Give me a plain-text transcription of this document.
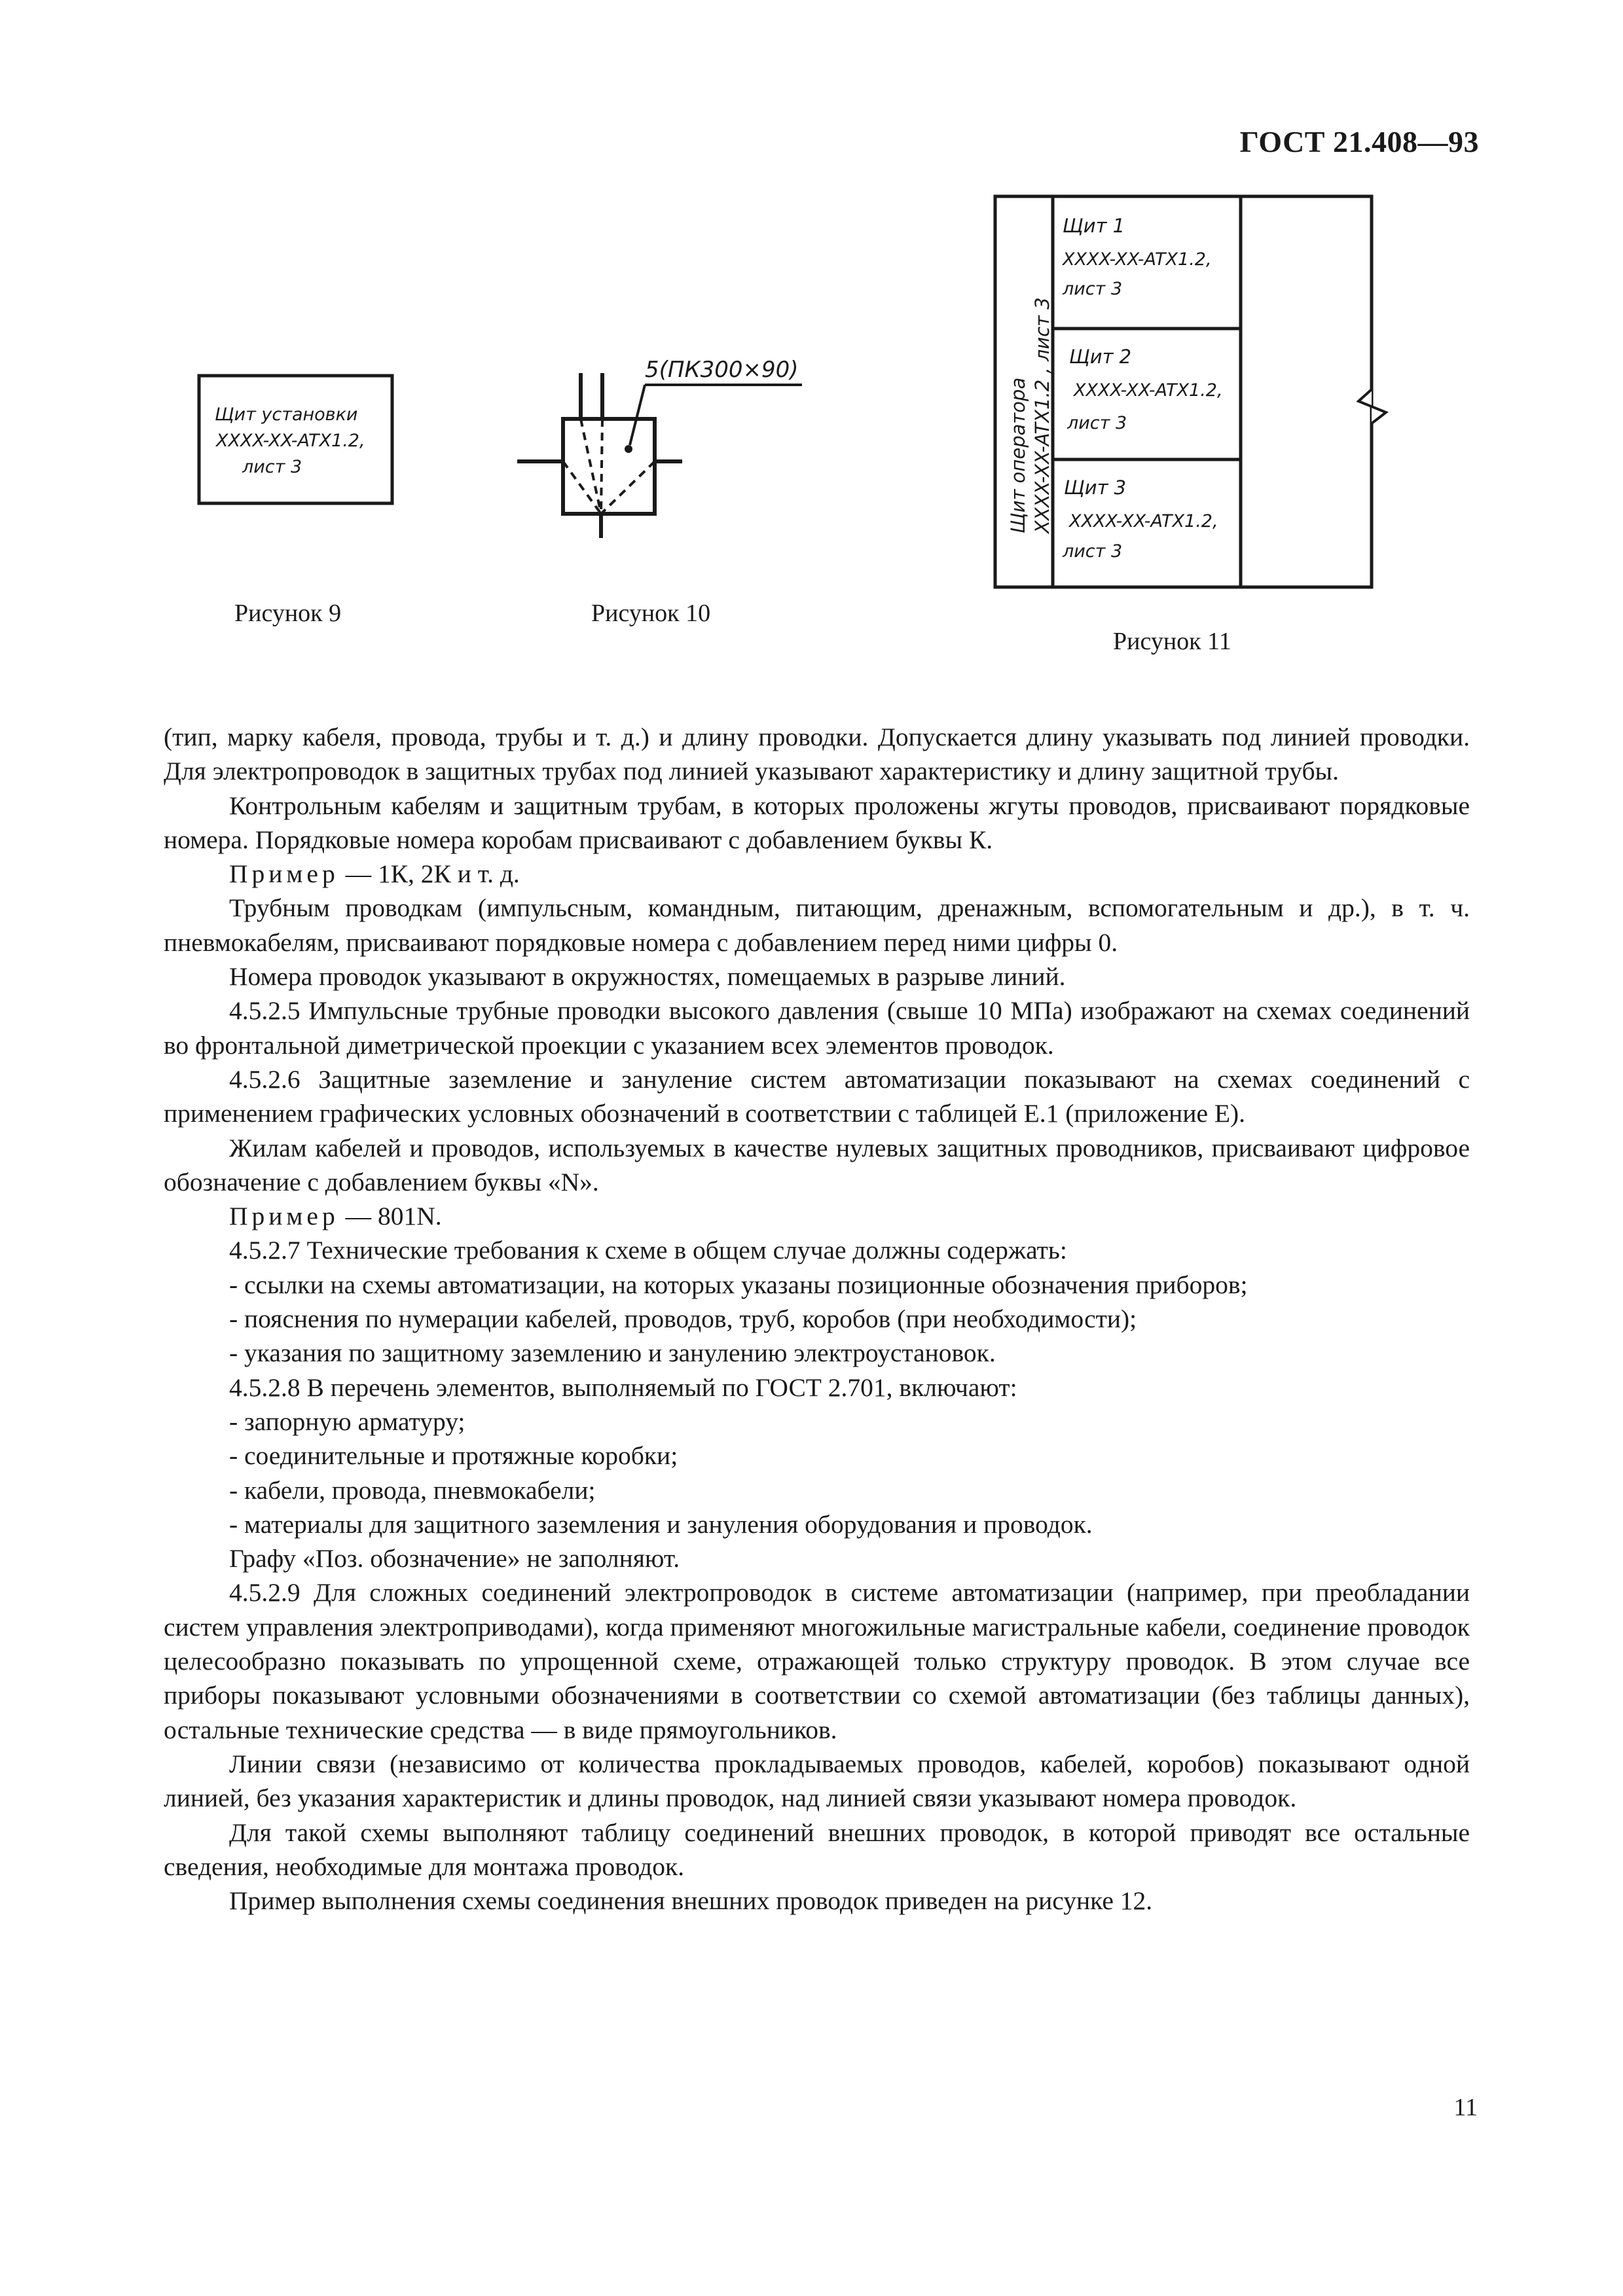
ГОСТ 21.408—93
Щит установки
XXXX-XX-ATX1.2,
лист 3
Рисунок 9
5(ПК300×90)
Рисунок 10
Щит оператора XXXX-XX-ATX1.2 , лист 3
Щит 1
XXXX-XX-ATX1.2,
лист 3
Щит 2
XXXX-XX-ATX1.2,
лист 3
Щит 3
XXXX-XX-ATX1.2,
лист 3
Рисунок 11

(тип, марку кабеля, провода, трубы и т. д.) и длину проводки. Допускается длину указывать под линией проводки. Для электропроводок в защитных трубах под линией указывают характеристику и длину защитной трубы.

Контрольным кабелям и защитным трубам, в которых проложены жгуты проводов, присваивают порядковые номера. Порядковые номера коробам присваивают с добавлением буквы К.

Пример — 1К, 2К и т. д.

Трубным проводкам (импульсным, командным, питающим, дренажным, вспомогательным и др.), в т. ч. пневмокабелям, присваивают порядковые номера с добавлением перед ними цифры 0.

Номера проводок указывают в окружностях, помещаемых в разрыве линий.

4.5.2.5 Импульсные трубные проводки высокого давления (свыше 10 МПа) изображают на схемах соединений во фронтальной диметрической проекции с указанием всех элементов проводок.

4.5.2.6 Защитные заземление и зануление систем автоматизации показывают на схемах соединений с применением графических условных обозначений в соответствии с таблицей Е.1 (приложение Е).

Жилам кабелей и проводов, используемых в качестве нулевых защитных проводников, присваивают цифровое обозначение с добавлением буквы «N».

Пример — 801N.

4.5.2.7 Технические требования к схеме в общем случае должны содержать:

- ссылки на схемы автоматизации, на которых указаны позиционные обозначения приборов;

- пояснения по нумерации кабелей, проводов, труб, коробов (при необходимости);

- указания по защитному заземлению и занулению электроустановок.

4.5.2.8 В перечень элементов, выполняемый по ГОСТ 2.701, включают:

- запорную арматуру;

- соединительные и протяжные коробки;

- кабели, провода, пневмокабели;

- материалы для защитного заземления и зануления оборудования и проводок.

Графу «Поз. обозначение» не заполняют.

4.5.2.9 Для сложных соединений электропроводок в системе автоматизации (например, при преобладании систем управления электроприводами), когда применяют многожильные магистральные кабели, соединение проводок целесообразно показывать по упрощенной схеме, отражающей только структуру проводок. В этом случае все приборы показывают условными обозначениями в соответствии со схемой автоматизации (без таблицы данных), остальные технические средства — в виде прямоугольников.

Линии связи (независимо от количества прокладываемых проводов, кабелей, коробов) показывают одной линией, без указания характеристик и длины проводок, над линией связи указывают номера проводок.

Для такой схемы выполняют таблицу соединений внешних проводок, в которой приводят все остальные сведения, необходимые для монтажа проводок.

Пример выполнения схемы соединения внешних проводок приведен на рисунке 12.

11
